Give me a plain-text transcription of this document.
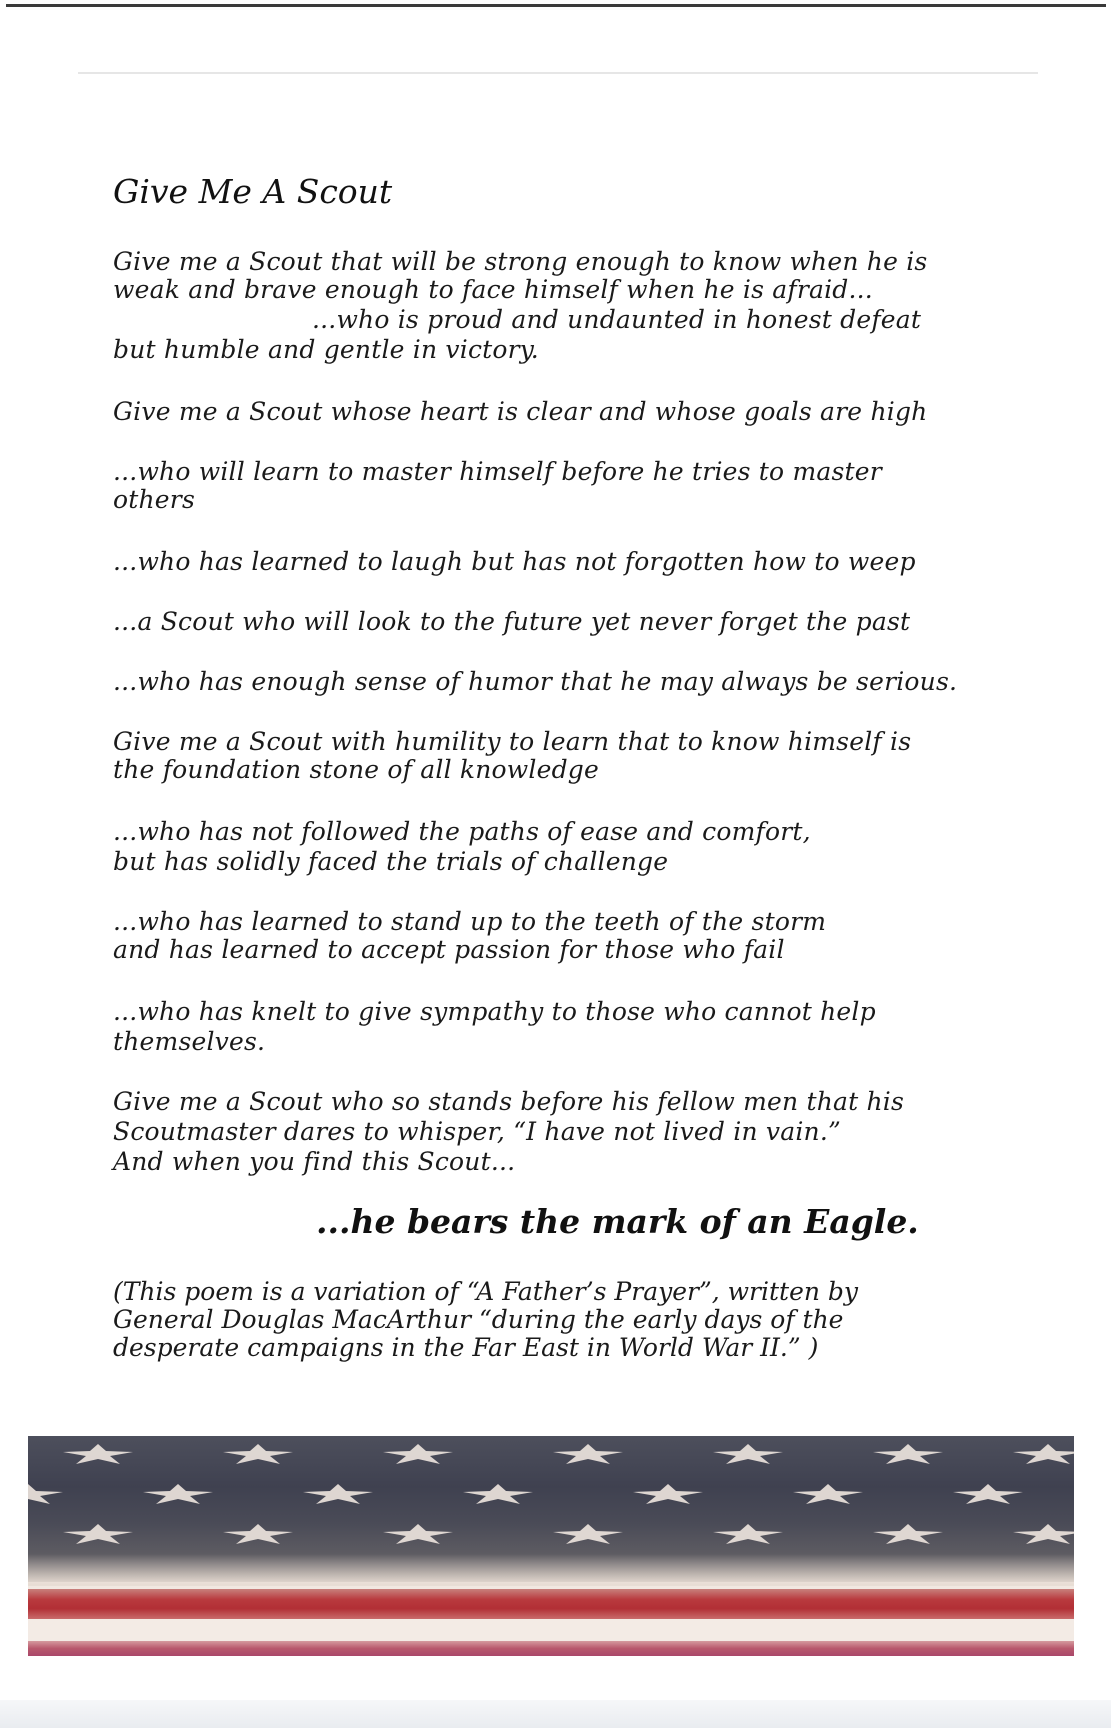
Give Me A Scout
Give me a Scout that will be strong enough to know when he is
weak and brave enough to face himself when he is afraid...
...who is proud and undaunted in honest defeat
but humble and gentle in victory.
Give me a Scout whose heart is clear and whose goals are high
...who will learn to master himself before he tries to master
others
...who has learned to laugh but has not forgotten how to weep
...a Scout who will look to the future yet never forget the past
...who has enough sense of humor that he may always be serious.
Give me a Scout with humility to learn that to know himself is
the foundation stone of all knowledge
...who has not followed the paths of ease and comfort,
but has solidly faced the trials of challenge
...who has learned to stand up to the teeth of the storm
and has learned to accept passion for those who fail
...who has knelt to give sympathy to those who cannot help
themselves.
Give me a Scout who so stands before his fellow men that his
Scoutmaster dares to whisper, “I have not lived in vain.”
And when you find this Scout...
...he bears the mark of an Eagle.
(This poem is a variation of “A Father’s Prayer”, written by
General Douglas MacArthur “during the early days of the
desperate campaigns in the Far East in World War II.” )
